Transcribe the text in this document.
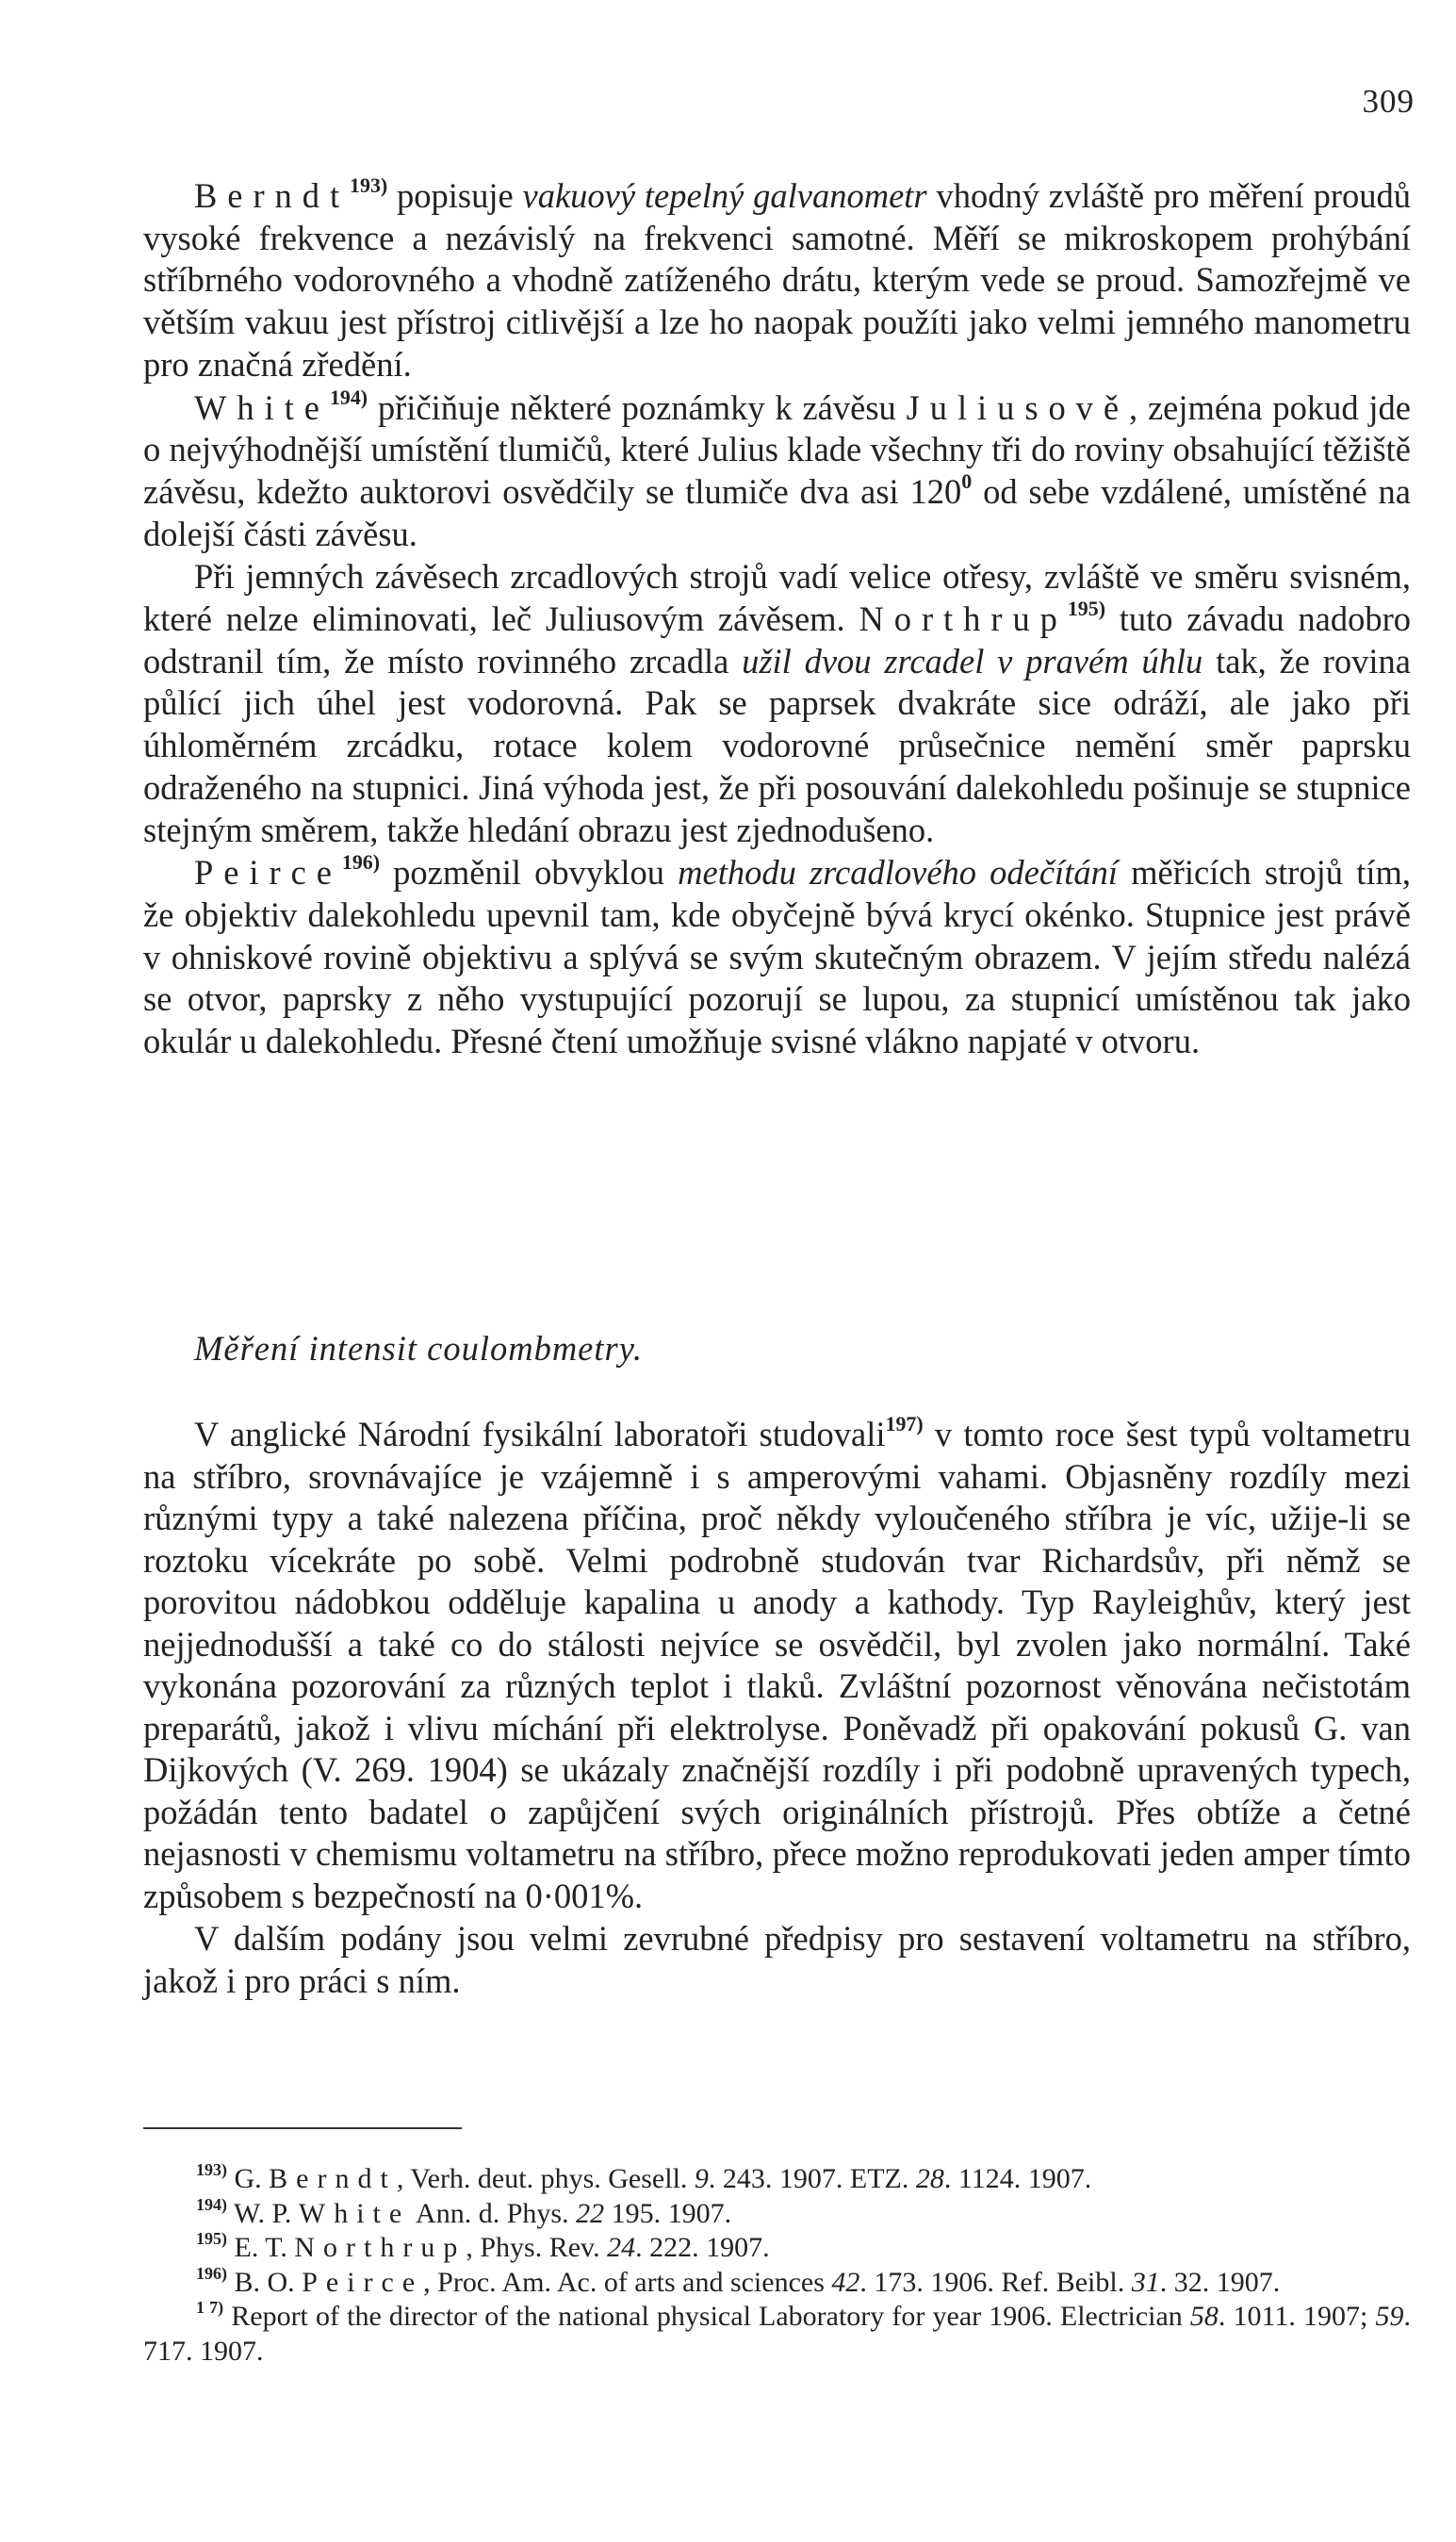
309

Berndt$^{193)}$ popisuje vakuový tepelný galvanometr vhodný zvláště pro měření proudů vysoké frekvence a nezávislý na frekvenci samotné. Měří se mikroskopem prohýbání stříbrného vodorovného a vhodně zatíženého drátu, kterým vede se proud. Samozřejmě ve větším vakuu jest přístroj citlivější a lze ho naopak použíti jako velmi jemného manometru pro značná zředění.

White$^{194)}$ přičiňuje některé poznámky k závěsu Juliusově, zejména pokud jde o nejvýhodnější umístění tlumičů, které Julius klade všechny tři do roviny obsahující těžiště závěsu, kdežto auktorovi osvědčily se tlumiče dva asi $120^0$ od sebe vzdálené, umístěné na dolejší části závěsu.

Při jemných závěsech zrcadlových strojů vadí velice otřesy, zvláště ve směru svisném, které nelze eliminovati, leč Juliusovým závěsem. Northrup$^{195)}$ tuto závadu nadobro odstranil tím, že místo rovinného zrcadla užil dvou zrcadel v pravém úhlu tak, že rovina půlící jich úhel jest vodorovná. Pak se paprsek dvakráte sice odráží, ale jako při úhloměrném zrcádku, rotace kolem vodorovné průsečnice nemění směr paprsku odraženého na stupnici. Jiná výhoda jest, že při posouvání dalekohledu pošinuje se stupnice stejným směrem, takže hledání obrazu jest zjednodušeno.

Peirce$^{196)}$ pozměnil obvyklou methodu zrcadlového odečítání měřicích strojů tím, že objektiv dalekohledu upevnil tam, kde obyčejně bývá krycí okénko. Stupnice jest právě v ohniskové rovině objektivu a splývá se svým skutečným obrazem. V jejím středu nalézá se otvor, paprsky z něho vystupující pozorují se lupou, za stupnicí umístěnou tak jako okulár u dalekohledu. Přesné čtení umožňuje svisné vlákno napjaté v otvoru.

Měření intensit coulombmetry.

V anglické Národní fysikální laboratoři studovali$^{197)}$ v tomto roce šest typů voltametru na stříbro, srovnávajíce je vzájemně i s amperovými vahami. Objasněny rozdíly mezi různými typy a také nalezena příčina, proč někdy vyloučeného stříbra je víc, užije-li se roztoku vícekráte po sobě. Velmi podrobně studován tvar Richardsův, při němž se porovitou nádobkou odděluje kapalina u anody a kathody. Typ Rayleighův, který jest nejjednodušší a také co do stálosti nejvíce se osvědčil, byl zvolen jako normální. Také vykonána pozorování za různých teplot i tlaků. Zvláštní pozornost věnována nečistotám preparátů, jakož i vlivu míchání při elektrolyse. Poněvadž při opakování pokusů G. van Dijkových (V. 269. 1904) se ukázaly značnější rozdíly i při podobně upravených typech, požádán tento badatel o zapůjčení svých originálních přístrojů. Přes obtíže a četné nejasnosti v chemismu voltametru na stříbro, přece možno reprodukovati jeden amper tímto způsobem s bezpečností na 0·001%.

V dalším podány jsou velmi zevrubné předpisy pro sestavení voltametru na stříbro, jakož i pro práci s ním.

$^{193)}$ G. Berndt, Verh. deut. phys. Gesell. 9. 243. 1907. ETZ. 28. 1124. 1907.

$^{194)}$ W. P. White Ann. d. Phys. 22 195. 1907.

$^{195)}$ E. T. Northrup, Phys. Rev. 24. 222. 1907.

$^{196)}$ B. O. Peirce, Proc. Am. Ac. of arts and sciences 42. 173. 1906. Ref. Beibl. 31. 32. 1907.

$^{1 7)}$ Report of the director of the national physical Laboratory for year 1906. Electrician 58. 1011. 1907; 59. 717. 1907.
